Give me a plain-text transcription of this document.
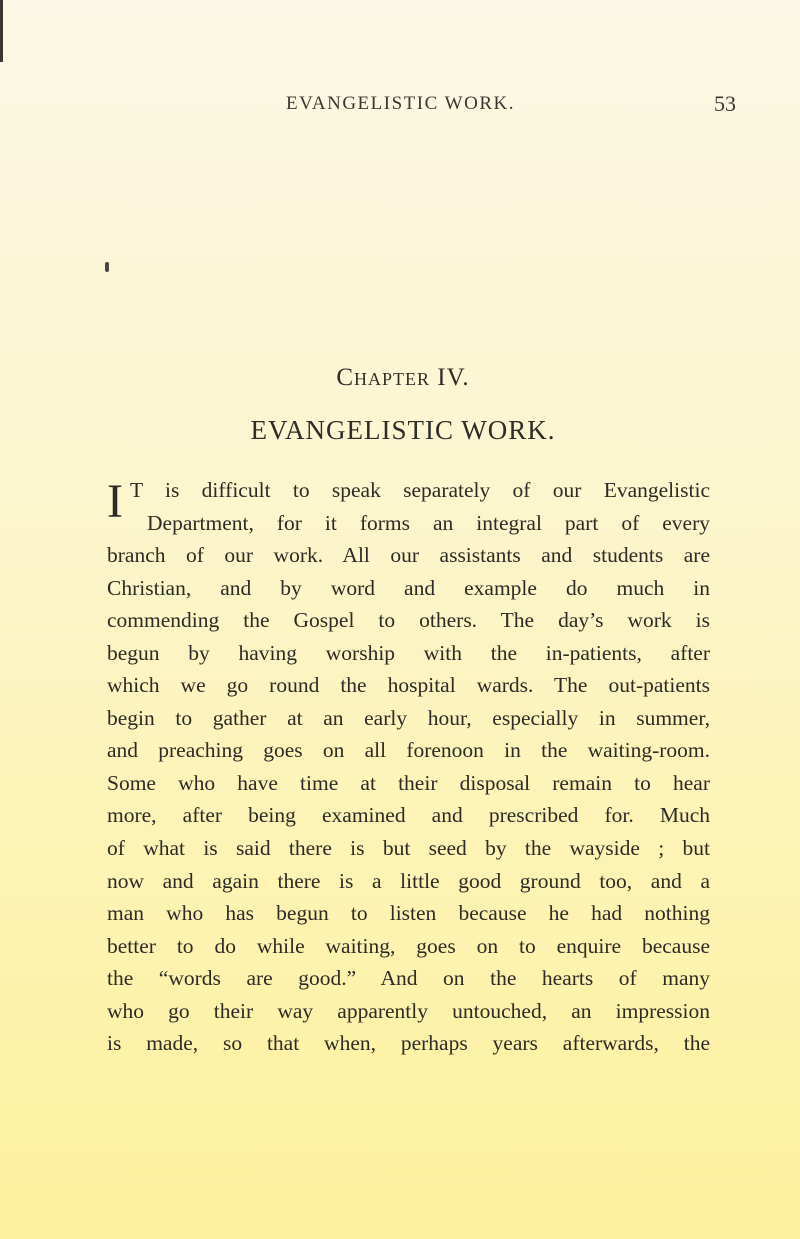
EVANGELISTIC WORK.	53
Chapter IV.
EVANGELISTIC WORK.
I T is difficult to speak separately of our Evangelistic
Department, for it forms an integral part of every
branch of our work. All our assistants and students are
Christian, and by word and example do much in
commending the Gospel to others. The day’s work is
begun by having worship with the in-patients, after
which we go round the hospital wards. The out-patients
begin to gather at an early hour, especially in summer,
and preaching goes on all forenoon in the waiting-room.
Some who have time at their disposal remain to hear
more, after being examined and prescribed for. Much
of what is said there is but seed by the wayside ; but
now and again there is a little good ground too, and a
man who has begun to listen because he had nothing
better to do while waiting, goes on to enquire because
the “words are good.” And on the hearts of many
who go their way apparently untouched, an impression
is made, so that when, perhaps years afterwards, the
